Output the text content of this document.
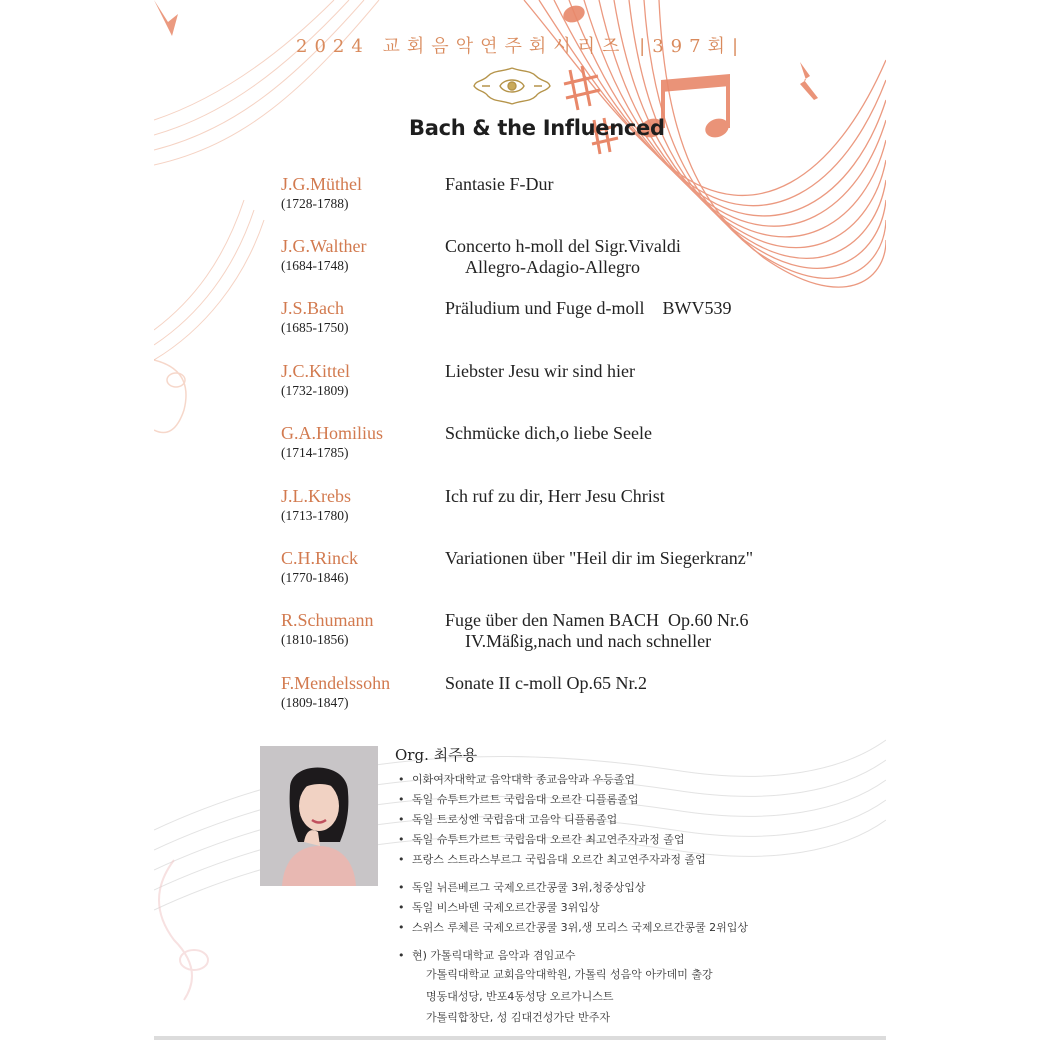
2024 교회음악연주회시리즈 |397회|
Bach & the Influenced
J.G.Müthel
(1728-1788)
Fantasie F-Dur
J.G.Walther
(1684-1748)
Concerto h-moll del Sigr.Vivaldi
Allegro-Adagio-Allegro
J.S.Bach
(1685-1750)
Präludium und Fuge d-moll    BWV539
J.C.Kittel
(1732-1809)
Liebster Jesu wir sind hier
G.A.Homilius
(1714-1785)
Schmücke dich,o liebe Seele
J.L.Krebs
(1713-1780)
Ich ruf zu dir, Herr Jesu Christ
C.H.Rinck
(1770-1846)
Variationen über "Heil dir im Siegerkranz"
R.Schumann
(1810-1856)
Fuge über den Namen BACH  Op.60 Nr.6
IV.Mäßig,nach und nach schneller
F.Mendelssohn
(1809-1847)
Sonate II c-moll Op.65 Nr.2
Org. 최주용
• 이화여자대학교 음악대학 종교음악과 우등졸업
• 독일 슈투트가르트 국립음대 오르간 디플롬졸업
• 독일 트로싱엔 국립음대 고음악 디플롬졸업
• 독일 슈투트가르트 국립음대 오르간 최고연주자과정 졸업
• 프랑스 스트라스부르그 국립음대 오르간 최고연주자과정 졸업
• 독일 뉘른베르그 국제오르간콩쿨 3위,청중상입상
• 독일 비스바덴 국제오르간콩쿨 3위입상
• 스위스 루체른 국제오르간콩쿨 3위,생 모리스 국제오르간콩쿨 2위입상
• 현) 가톨릭대학교 음악과 겸임교수
가톨릭대학교 교회음악대학원, 가톨릭 성음악 아카데미 출강
명동대성당, 반포4동성당 오르가니스트
가톨릭합창단, 성 김대건성가단 반주자
